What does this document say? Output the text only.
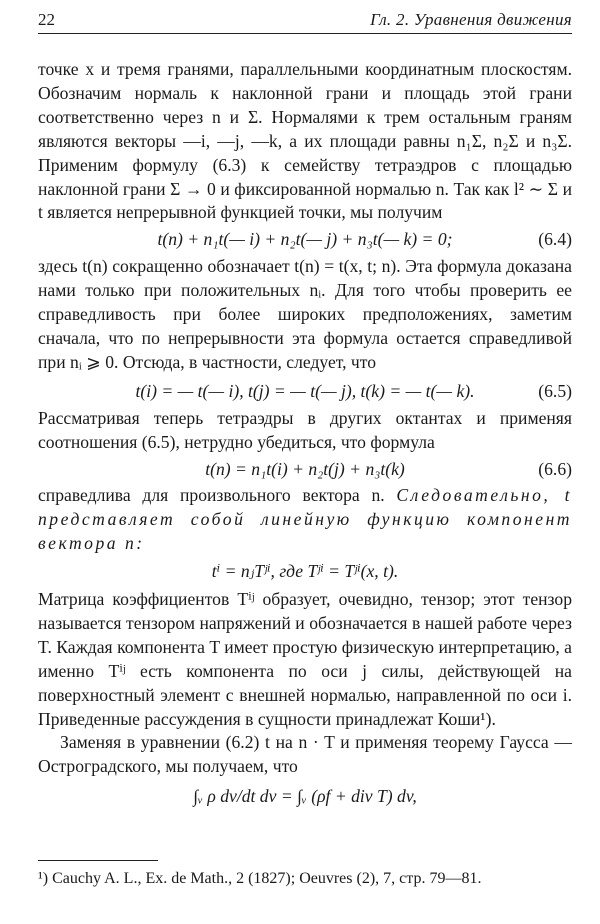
22	Гл. 2. Уравнения движения

точке x и тремя гранями, параллельными координатным плоскостям. Обозначим нормаль к наклонной грани и площадь этой грани соответственно через n и Σ. Нормалями к трем остальным граням являются векторы —i, —j, —k, а их площади равны n₁Σ, n₂Σ и n₃Σ. Применим формулу (6.3) к семейству тетраэдров с площадью наклонной грани Σ → 0 и фиксированной нормалью n. Так как l² ∼ Σ и t является непрерывной функцией точки, мы получим

t(n) + n₁t(— i) + n₂t(— j) + n₃t(— k) = 0;	(6.4)

здесь t(n) сокращенно обозначает t(n) = t(x, t; n). Эта формула доказана нами только при положительных nᵢ. Для того чтобы проверить ее справедливость при более широких предположениях, заметим сначала, что по непрерывности эта формула остается справедливой при nᵢ ⩾ 0. Отсюда, в частности, следует, что

t(i) = — t(— i), t(j) = — t(— j), t(k) = — t(— k).	(6.5)

Рассматривая теперь тетраэдры в других октантах и применяя соотношения (6.5), нетрудно убедиться, что формула

t(n) = n₁t(i) + n₂t(j) + n₃t(k)	(6.6)

справедлива для произвольного вектора n. Следовательно, t представляет собой линейную функцию компонент вектора n:

tⁱ = nⱼTʲⁱ, где Tʲⁱ = Tʲⁱ(x, t).

Матрица коэффициентов Tⁱʲ образует, очевидно, тензор; этот тензор называется тензором напряжений и обозначается в нашей работе через T. Каждая компонента T имеет простую физическую интерпретацию, а именно Tⁱʲ есть компонента по оси j силы, действующей на поверхностный элемент с внешней нормалью, направленной по оси i. Приведенные рассуждения в сущности принадлежат Коши¹).

Заменяя в уравнении (6.2) t на n · T и применяя теорему Гаусса — Остроградского, мы получаем, что

∫ᵥ ρ dv/dt dv = ∫ᵥ (ρf + div T) dv,

¹) Cauchy A. L., Ex. de Math., 2 (1827); Oeuvres (2), 7, стр. 79—81.
